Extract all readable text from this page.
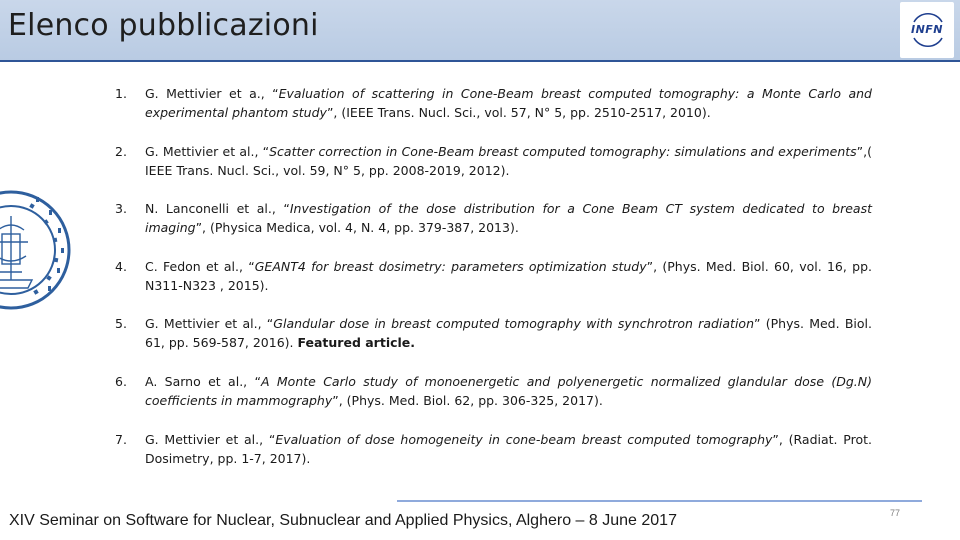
Elenco pubblicazioni	INFN
1. G. Mettivier et a., “Evaluation of scattering in Cone-Beam breast computed tomography: a Monte Carlo and experimental phantom study”, (IEEE Trans. Nucl. Sci., vol. 57, N° 5, pp. 2510-2517, 2010).
2. G. Mettivier et al., “Scatter correction in Cone-Beam breast computed tomography: simulations and experiments”,( IEEE Trans. Nucl. Sci., vol. 59, N° 5, pp. 2008-2019, 2012).
3. N. Lanconelli et al., “Investigation of the dose distribution for a Cone Beam CT system dedicated to breast imaging”, (Physica Medica, vol. 4, N. 4, pp. 379-387, 2013).
4. C. Fedon et al., “GEANT4 for breast dosimetry: parameters optimization study”, (Phys. Med. Biol. 60, vol. 16, pp. N311-N323 , 2015).
5. G. Mettivier et al., “Glandular dose in breast computed tomography with synchrotron radiation” (Phys. Med. Biol. 61, pp. 569-587, 2016). Featured article.
6. A. Sarno et al., “A Monte Carlo study of monoenergetic and polyenergetic normalized glandular dose (Dg.N) coefficients in mammography”, (Phys. Med. Biol. 62, pp. 306-325, 2017).
7. G. Mettivier et al., “Evaluation of dose homogeneity in cone-beam breast computed tomography”, (Radiat. Prot. Dosimetry, pp. 1-7, 2017).
XIV Seminar on Software for Nuclear, Subnuclear and Applied Physics, Alghero – 8 June 2017	77
